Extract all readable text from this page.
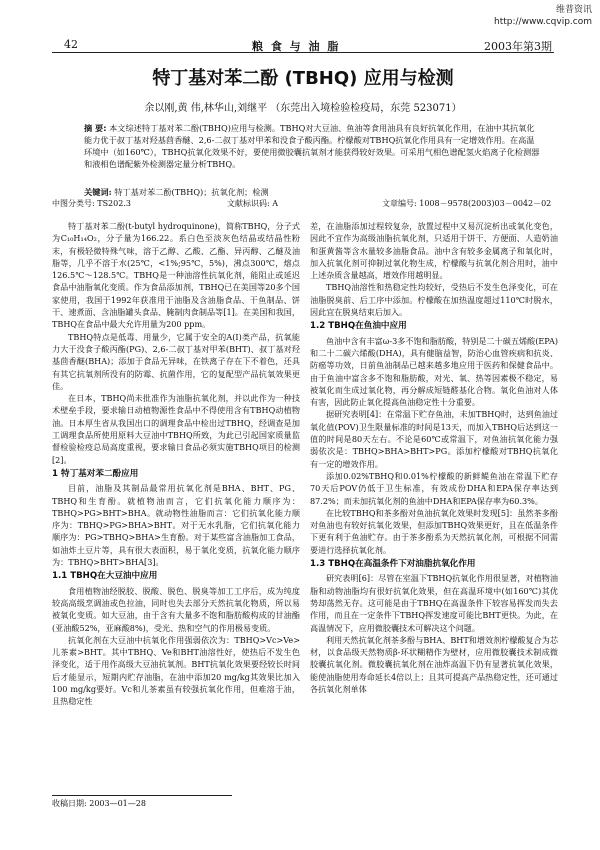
维普资讯
http://www.cqvip.com
42	粮 食 与 油 脂	2003年第3期
特丁基对苯二酚 (TBHQ) 应用与检测
余以刚,黄 伟,林华山,刘继平 （东莞出入境检验检疫局，东莞 523071）
摘 要: 本文综述特丁基对苯二酚(TBHQ)应用与检测。TBHQ对大豆油、鱼油等食用油具有良好抗氧化作用，在油中其抗氧化能力优于叔丁基对羟基茴香醚、2,6-二叔丁基对甲苯和没食子酸丙酯。柠檬酸对TBHQ抗氧化作用具有一定增效作用。在高温环境中（如160℃），TBHQ抗氧化效果不好，要使用微胶囊抗氧剂才能获得较好效果。可采用气相色谱配氢火焰离子化检测器和液相色谱配紫外检测器定量分析TBHQ。
关键词: 特丁基对苯二酚(TBHQ)；抗氧化剂；检测
中图分类号: TS202.3	文献标识码: A	文章编号: 1008－9578(2003)03－0042－02

特丁基对苯二酚(t-butyl hydroquinone)，简称TBHQ，分子式为C₁₀H₁₄O₂，分子量为166.22。系白色至淡灰色结晶或结晶性粉末，有极轻微特殊气味，溶于乙醇、乙酸、乙酯、异丙醇、乙醚及油脂等，几乎不溶于水(25℃，<1%;95℃，5%)，沸点300℃，熔点126.5℃～128.5℃。TBHQ是一种油溶性抗氧化剂，能阻止或延迟食品中油脂氧化变质。作为食品添加剂，TBHQ已在美国等20多个国家使用，我国于1992年获准用于油脂及含油脂食品、干鱼制品、饼干、速煮面、含油脂罐头食品、腌制肉食制品等[1]。在美国和我国，TBHQ在食品中最大允许用量为200 ppm。

TBHQ特点是低毒、用量少，它属于安全的A(I)类产品，抗氧能力大于没食子酸丙酯(PG)、2,6-二叔丁基对甲苯(BHT)、叔丁基对羟基茴香醚(BHA)；添加于食品无异味，在铁离子存在下不着色，还具有其它抗氧剂所没有的防霉、抗菌作用，它的复配型产品抗氧效果更佳。

在日本，TBHQ尚未批准作为油脂抗氧化剂，并以此作为一种技术壁垒手段，要求输日动植物源性食品中不得使用含有TBHQ动植物油。日本厚生省从我国出口的调理食品中检出过TBHQ，经调查是加工调理食品所使用原料大豆油中TBHQ所致，为此已引起国家质量监督检验检疫总局高度重视，要求输日食品必须实施TBHQ项目的检测[2]。

1 特丁基对苯二酚应用

目前，油脂及其制品最常用抗氧化剂是BHA、BHT、PG、TBHQ和生育酚。就植物油而言，它们抗氧化能力顺序为：TBHQ>PG>BHT>BHA。就动物性油脂而言：它们抗氧化能力顺序为：TBHQ>PG>BHA>BHT。对于无水乳脂，它们抗氧化能力顺序为：PG>TBHQ>BHA>生育酚。对于某些富含油脂加工食品，如油炸土豆片等，具有很大表面积，易于氧化变质，抗氧化能力顺序为：TBHQ>BHT>BHA[3]。

1.1 TBHQ在大豆油中应用

食用植物油经脱胶、脱酸、脱色、脱臭等加工工序后，成为纯度较高高级烹调油或色拉油，同时也失去部分天然抗氧化物质，所以易被氧化变质。如大豆油，由于含有大量多不饱和脂肪酸构成的甘油酯(亚油酸52%，亚麻酸8%)，受光、热和空气的作用极易变质。

抗氧化剂在大豆油中抗氧化作用强弱依次为：TBHQ>Vc>Ve>儿茶素>BHT。其中TBHQ、Ve和BHT油溶性好，使热后不发生色泽变化，适于用作高级大豆油抗氧剂。BHT抗氧化效果要经较长时间后才能显示，短期内贮存油脂，在油中添加20 mg/kg其效果比加入100 mg/kg要好。Vc和儿茶素虽有较强抗氧化作用，但难溶于油，且热稳定性

差，在油脂添加过程较复杂，放置过程中又易沉淀析出或氧化变色，因此不宜作为高级油脂抗氧化剂，只适用于饼干、方便面、人造奶油和蛋黄酱等含水量较多油脂食品。油中含有较多金属离子和氧化时，加入抗氧化剂可抑制过氧化物生成，柠檬酸与抗氧化剂合用时，油中上述杂质含量越高，增效作用越明显。

TBHQ油溶性和热稳定性均较好，受热后不发生色泽变化，可在油脂脱臭前、后工序中添加。柠檬酸在加热温度超过110℃时脱水，因此宜在脱臭结束后加入。

1.2 TBHQ在鱼油中应用

鱼油中含有丰富ω-3多不饱和脂肪酸，特别是二十碳五烯酸(EPA)和二十二碳六烯酸(DHA)，具有健脑益智，防治心血管疾病和抗炎、防癌等功效，日前鱼油制品已越来越多地应用于医药和保健食品中。由于鱼油中富含多不饱和脂肪酸，对光、氧、热等因素极不稳定，易被氧化而生成过氧化物，再分解成短链醛基化合物。氧化鱼油对人体有害，因此防止氧化提高鱼油稳定性十分重要。

据研究表明[4]：在常温下贮存鱼油，未加TBHQ时，达到鱼油过氧化值(POV)卫生限量标准的时间是13天，而加入TBHQ后达到这一值的时间是80天左右。不论是60℃或常温下，对鱼油抗氧化能力强弱依次是：TBHQ>BHA>BHT>PG。添加柠檬酸对TBHQ抗氧化有一定的增效作用。

添加0.02%TBHQ和0.01%柠檬酸的新鲜鳀鱼油在常温下贮存70天后POV仍低于卫生标准，有效成份DHA和EPA保存率达到87.2%；而未加抗氧化剂的鱼油中DHA和EPA保存率为60.3%。

在比较TBHQ和茶多酚对鱼油抗氧化效果时发现[5]：虽然茶多酚对鱼油也有较好抗氧化效果，但添加TBHQ效果更好，且在低温条件下更有利于鱼油贮存。由于茶多酚系为天然抗氧化剂，可根据不同需要进行选择抗氧化剂。

1.3 TBHQ在高温条件下对油脂抗氧化作用

研究表明[6]：尽管在室温下TBHQ抗氧化作用很显著，对植物油脂和动物油脂均有很好抗氧化效果，但在高温环境中(如160℃)其优势却荡然无存。这可能是由于TBHQ在高温条件下较容易挥发而失去作用，而且在一定条件下TBHQ挥发速度可能比BHT更快。为此，在高温情况下，应用微胶囊技术可解决这个问题。

利用天然抗氧化剂茶多酚与BHA、BHT和增效剂柠檬酸复合为芯材，以食品级天然物质β-环状糊精作为壁材，应用微胶囊技术制成微胶囊抗氧化剂。微胶囊抗氧化剂在油炸高温下仍有显著抗氧化效果，能使油脂使用寿命延长4倍以上；且其可提高产品热稳定性，还可通过各抗氧化剂单体

收稿日期: 2003—01—28
